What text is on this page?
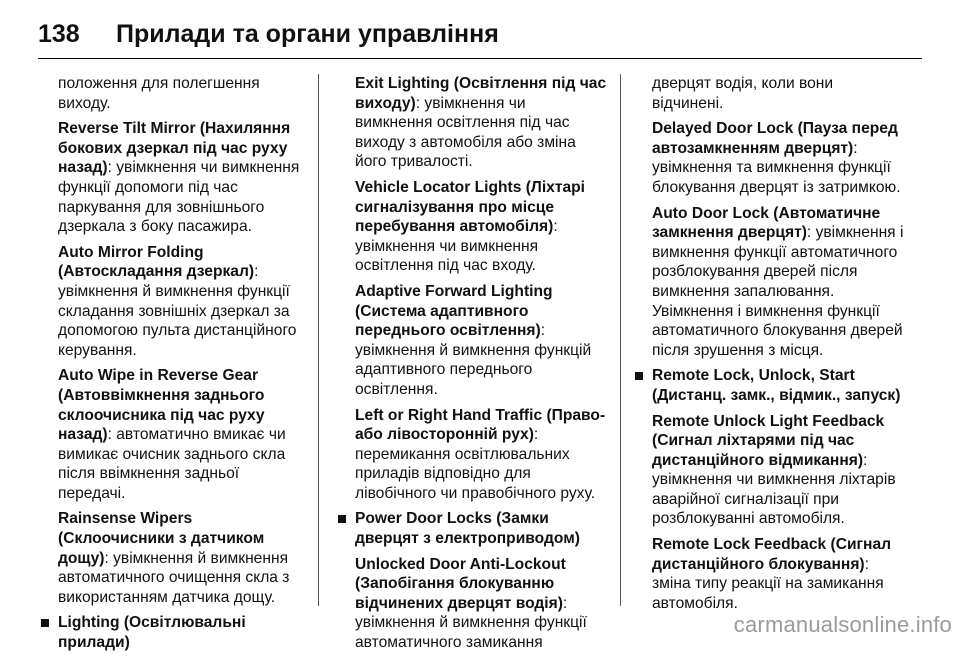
138	Прилади та органи управління

положення для полегшення виходу.

Reverse Tilt Mirror (Нахиляння бокових дзеркал під час руху назад): увімкнення чи вимкнення функції допомоги під час паркування для зовнішнього дзеркала з боку пасажира.

Auto Mirror Folding (Автоскладання дзеркал): увімкнення й вимкнення функції складання зовнішніх дзеркал за допомогою пульта дистанційного керування.

Auto Wipe in Reverse Gear (Автоввімкнення заднього склоочисника під час руху назад): автоматично вмикає чи вимикає очисник заднього скла після ввімкнення задньої передачі.

Rainsense Wipers (Склоочисники з датчиком дощу): увімкнення й вимкнення автоматичного очищення скла з використанням датчика дощу.

Lighting (Освітлювальні прилади)

Exit Lighting (Освітлення під час виходу): увімкнення чи вимкнення освітлення під час виходу з автомобіля або зміна його тривалості.

Vehicle Locator Lights (Ліхтарі сигналізування про місце перебування автомобіля): увімкнення чи вимкнення освітлення під час входу.

Adaptive Forward Lighting (Система адаптивного переднього освітлення): увімкнення й вимкнення функцій адаптивного переднього освітлення.

Left or Right Hand Traffic (Право- або лівосторонній рух): перемикання освітлювальних приладів відповідно для лівобічного чи правобічного руху.

Power Door Locks (Замки дверцят з електроприводом)

Unlocked Door Anti-Lockout (Запобігання блокуванню відчинених дверцят водія): увімкнення й вимкнення функції автоматичного замикання

дверцят водія, коли вони відчинені.

Delayed Door Lock (Пауза перед автозамкненням дверцят): увімкнення та вимкнення функції блокування дверцят із затримкою.

Auto Door Lock (Автоматичне замкнення дверцят): увімкнення і вимкнення функції автоматичного розблокування дверей після вимкнення запалювання. Увімкнення і вимкнення функції автоматичного блокування дверей після зрушення з місця.

Remote Lock, Unlock, Start (Дистанц. замк., відмик., запуск)

Remote Unlock Light Feedback (Сигнал ліхтарями під час дистанційного відмикання): увімкнення чи вимкнення ліхтарів аварійної сигналізації при розблокуванні автомобіля.

Remote Lock Feedback (Сигнал дистанційного блокування): зміна типу реакції на замикання автомобіля.

carmanualsonline.info
